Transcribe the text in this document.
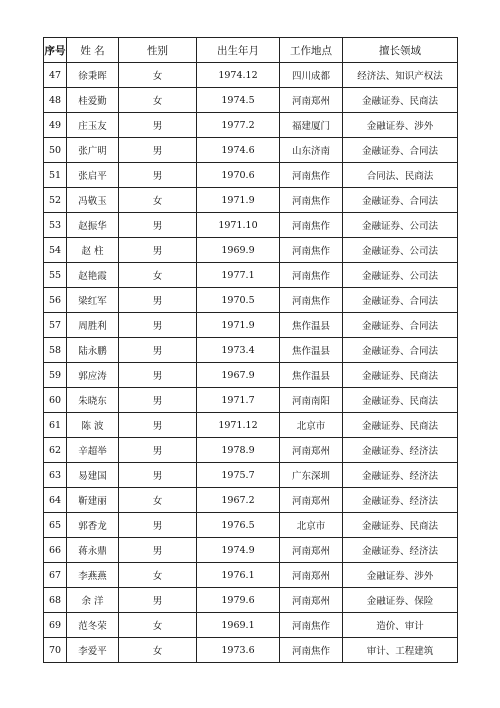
序号	姓 名	性别	出生年月	工作地点	擅长领域
47	徐秉晖	女	1974.12	四川成都	经济法、知识产权法
48	桂爱勤	女	1974.5	河南郑州	金融证券、民商法
49	庄玉友	男	1977.2	福建厦门	金融证券、涉外
50	张广明	男	1974.6	山东济南	金融证券、合同法
51	张启平	男	1970.6	河南焦作	合同法、民商法
52	冯敬玉	女	1971.9	河南焦作	金融证券、合同法
53	赵振华	男	1971.10	河南焦作	金融证券、公司法
54	赵 柱	男	1969.9	河南焦作	金融证券、公司法
55	赵艳霞	女	1977.1	河南焦作	金融证券、公司法
56	梁红军	男	1970.5	河南焦作	金融证券、合同法
57	周胜利	男	1971.9	焦作温县	金融证券、合同法
58	陆永鹏	男	1973.4	焦作温县	金融证券、合同法
59	郭应涛	男	1967.9	焦作温县	金融证券、民商法
60	朱晓东	男	1971.7	河南南阳	金融证券、民商法
61	陈 波	男	1971.12	北京市	金融证券、民商法
62	辛超举	男	1978.9	河南郑州	金融证券、经济法
63	易建国	男	1975.7	广东深圳	金融证券、经济法
64	靳建丽	女	1967.2	河南郑州	金融证券、经济法
65	郭香龙	男	1976.5	北京市	金融证券、民商法
66	蒋永鼎	男	1974.9	河南郑州	金融证券、经济法
67	李燕燕	女	1976.1	河南郑州	金融证券、涉外
68	余 洋	男	1979.6	河南郑州	金融证券、保险
69	范冬荣	女	1969.1	河南焦作	造价、审计
70	李爱平	女	1973.6	河南焦作	审计、工程建筑
